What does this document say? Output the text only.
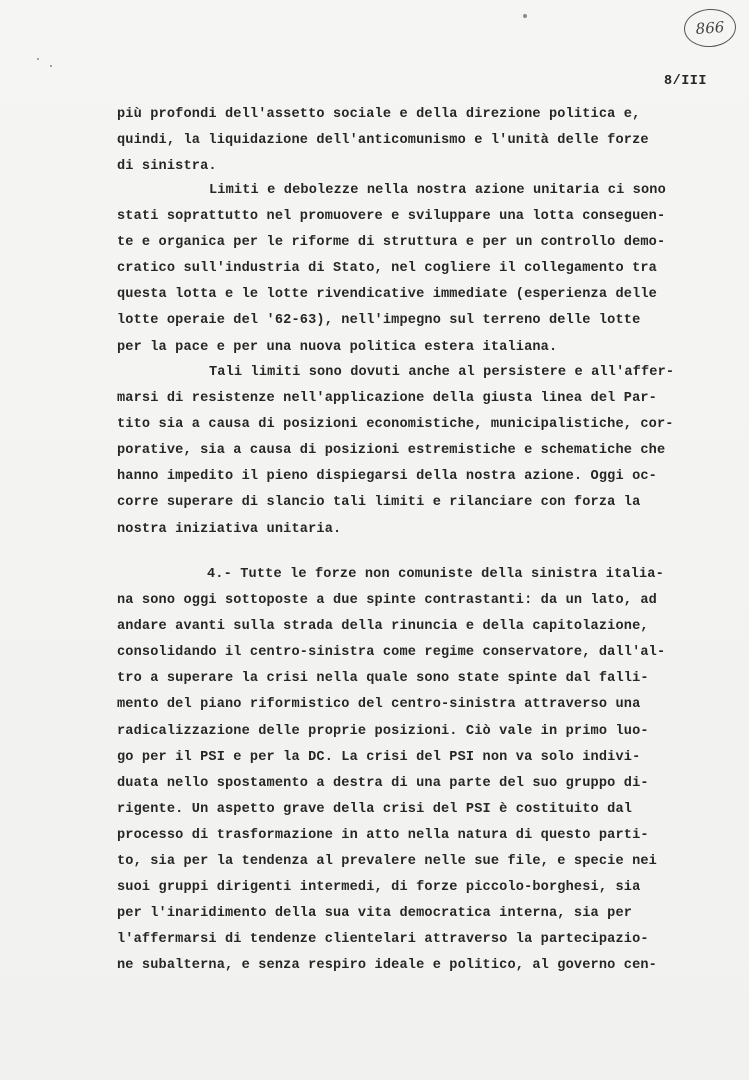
866
8/III
più profondi dell'assetto sociale e della direzione politica e,
quindi, la liquidazione dell'anticomunismo e l'unità delle forze
di sinistra.
Limiti e debolezze nella nostra azione unitaria ci sono
stati soprattutto nel promuovere e sviluppare una lotta conseguen-
te e organica per le riforme di struttura e per un controllo demo-
cratico sull'industria di Stato, nel cogliere il collegamento tra
questa lotta e le lotte rivendicative immediate (esperienza delle
lotte operaie del '62-63), nell'impegno sul terreno delle lotte
per la pace e per una nuova politica estera italiana.
Tali limiti sono dovuti anche al persistere e all'affer-
marsi di resistenze nell'applicazione della giusta linea del Par-
tito sia a causa di posizioni economistiche, municipalistiche, cor-
porative, sia a causa di posizioni estremistiche e schematiche che
hanno impedito il pieno dispiegarsi della nostra azione. Oggi oc-
corre superare di slancio tali limiti e rilanciare con forza la
nostra iniziativa unitaria.
4.- Tutte le forze non comuniste della sinistra italia-
na sono oggi sottoposte a due spinte contrastanti: da un lato, ad
andare avanti sulla strada della rinuncia e della capitolazione,
consolidando il centro-sinistra come regime conservatore, dall'al-
tro a superare la crisi nella quale sono state spinte dal falli-
mento del piano riformistico del centro-sinistra attraverso una
radicalizzazione delle proprie posizioni. Ciò vale in primo luo-
go per il PSI e per la DC. La crisi del PSI non va solo indivi-
duata nello spostamento a destra di una parte del suo gruppo di-
rigente. Un aspetto grave della crisi del PSI è costituito dal
processo di trasformazione in atto nella natura di questo parti-
to, sia per la tendenza al prevalere nelle sue file, e specie nei
suoi gruppi dirigenti intermedi, di forze piccolo-borghesi, sia
per l'inaridimento della sua vita democratica interna, sia per
l'affermarsi di tendenze clientelari attraverso la partecipazio-
ne subalterna, e senza respiro ideale e politico, al governo cen-
